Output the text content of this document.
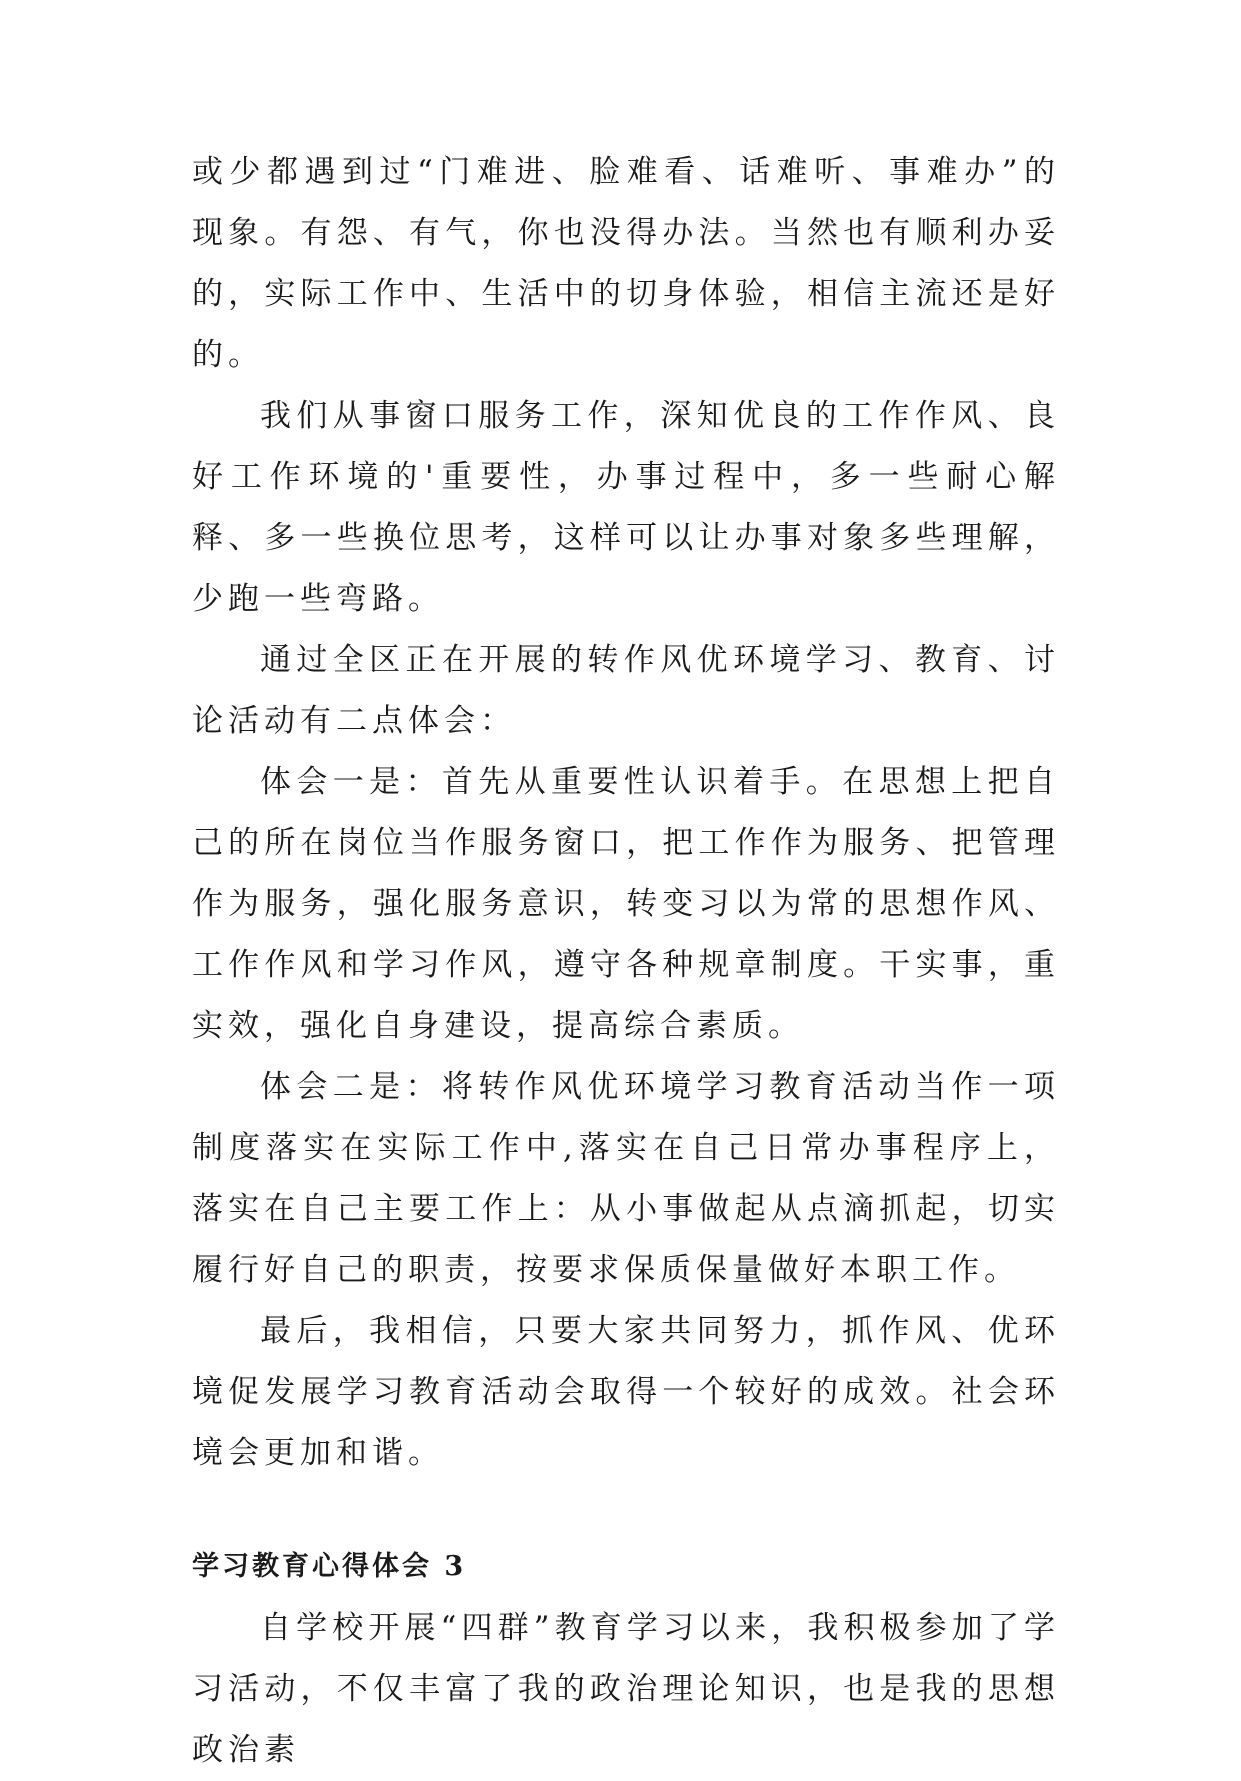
或少都遇到过“门难进、脸难看、话难听、事难办”的现象。有怨、有气，你也没得办法。当然也有顺利办妥的，实际工作中、生活中的切身体验，相信主流还是好的。

我们从事窗口服务工作，深知优良的工作作风、良好工作环境的'重要性，办事过程中，多一些耐心解释、多一些换位思考，这样可以让办事对象多些理解，少跑一些弯路。

通过全区正在开展的转作风优环境学习、教育、讨论活动有二点体会：

体会一是：首先从重要性认识着手。在思想上把自己的所在岗位当作服务窗口，把工作作为服务、把管理作为服务，强化服务意识，转变习以为常的思想作风、工作作风和学习作风，遵守各种规章制度。干实事，重实效，强化自身建设，提高综合素质。

体会二是：将转作风优环境学习教育活动当作一项制度落实在实际工作中,落实在自己日常办事程序上，落实在自己主要工作上：从小事做起从点滴抓起，切实履行好自己的职责，按要求保质保量做好本职工作。

最后，我相信，只要大家共同努力，抓作风、优环境促发展学习教育活动会取得一个较好的成效。社会环境会更加和谐。

学习教育心得体会 3

自学校开展“四群”教育学习以来，我积极参加了学习活动，不仅丰富了我的政治理论知识，也是我的思想政治素
